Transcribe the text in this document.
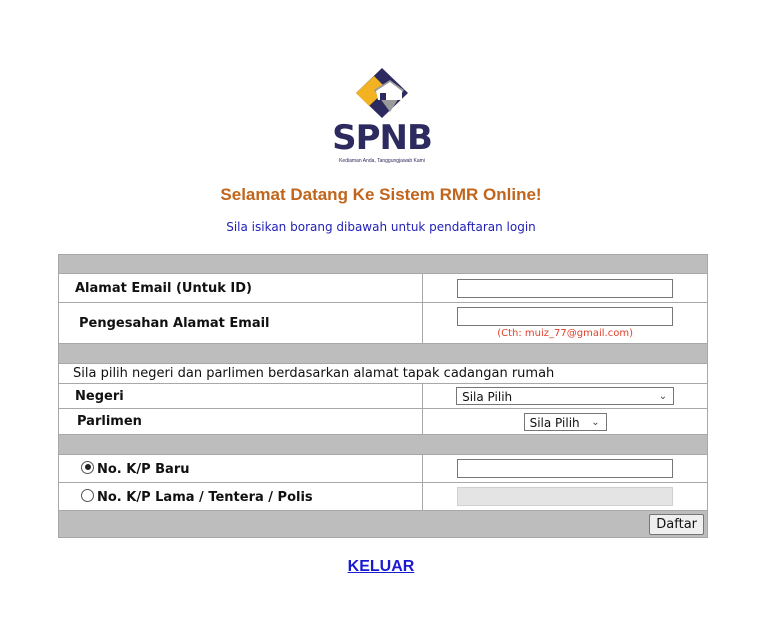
SPNB
Kediaman Anda, Tanggungjawab Kami
Selamat Datang Ke Sistem RMR Online!
Sila isikan borang dibawah untuk pendaftaran login

Alamat Email (Untuk ID)	
Pengesahan Alamat Email	(Cth: muiz_77@gmail.com)

Sila pilih negeri dan parlimen berdasarkan alamat tapak cadangan rumah	
Negeri	Sila Pilih ⌄

Parlimen	Sila Pilih ⌄

No. K/P Baru	
No. K/P Lama / Tentera / Polis	
Daftar	
KELUAR
